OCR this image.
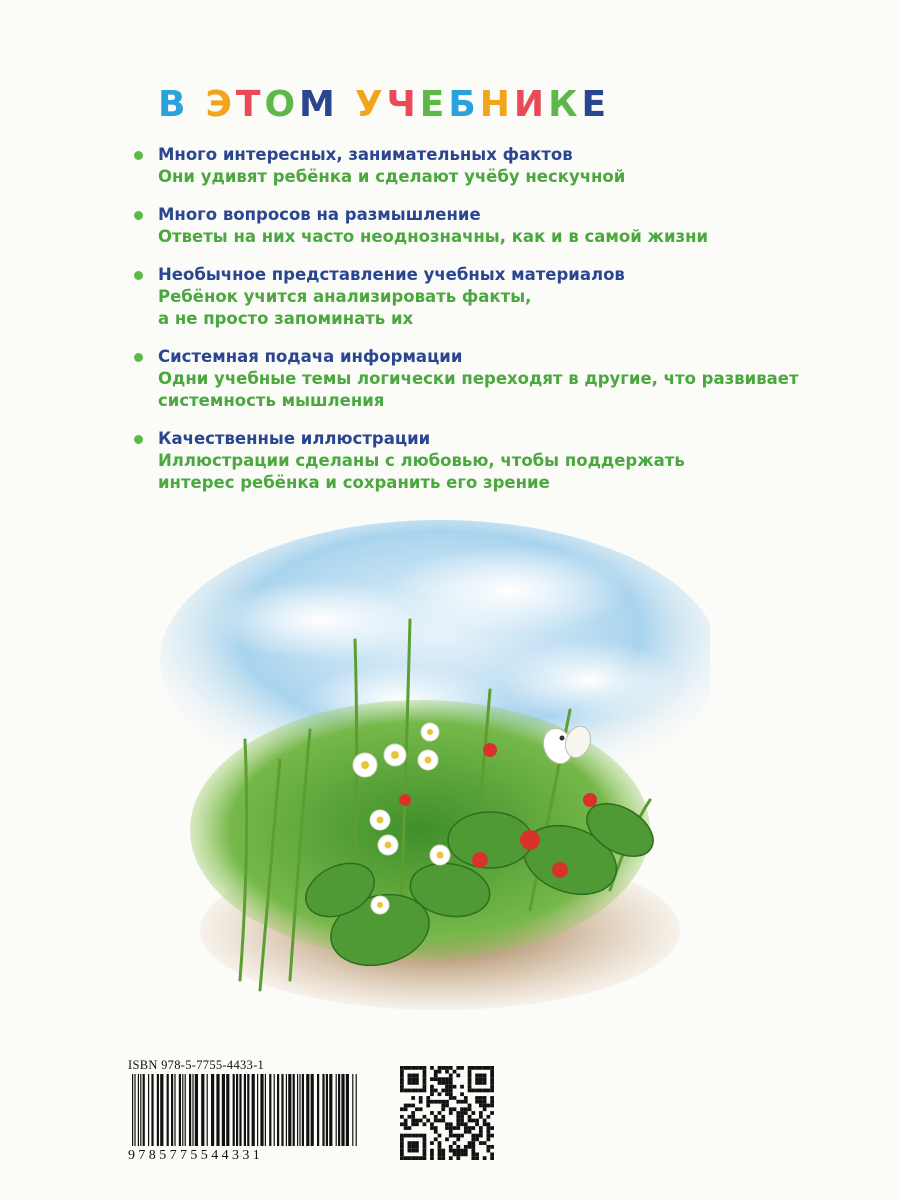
В ЭТОМ УЧЕБНИКЕ
Много интересных, занимательных фактов
Они удивят ребёнка и сделают учёбу нескучной
Много вопросов на размышление
Ответы на них часто неоднозначны, как и в самой жизни
Необычное представление учебных материалов
Ребёнок учится анализировать факты,
а не просто запоминать их
Системная подача информации
Одни учебные темы логически переходят в другие, что развивает
системность мышления
Качественные иллюстрации
Иллюстрации сделаны с любовью, чтобы поддержать
интерес ребёнка и сохранить его зрение
ISBN 978-5-7755-4433-1
9785775544331
